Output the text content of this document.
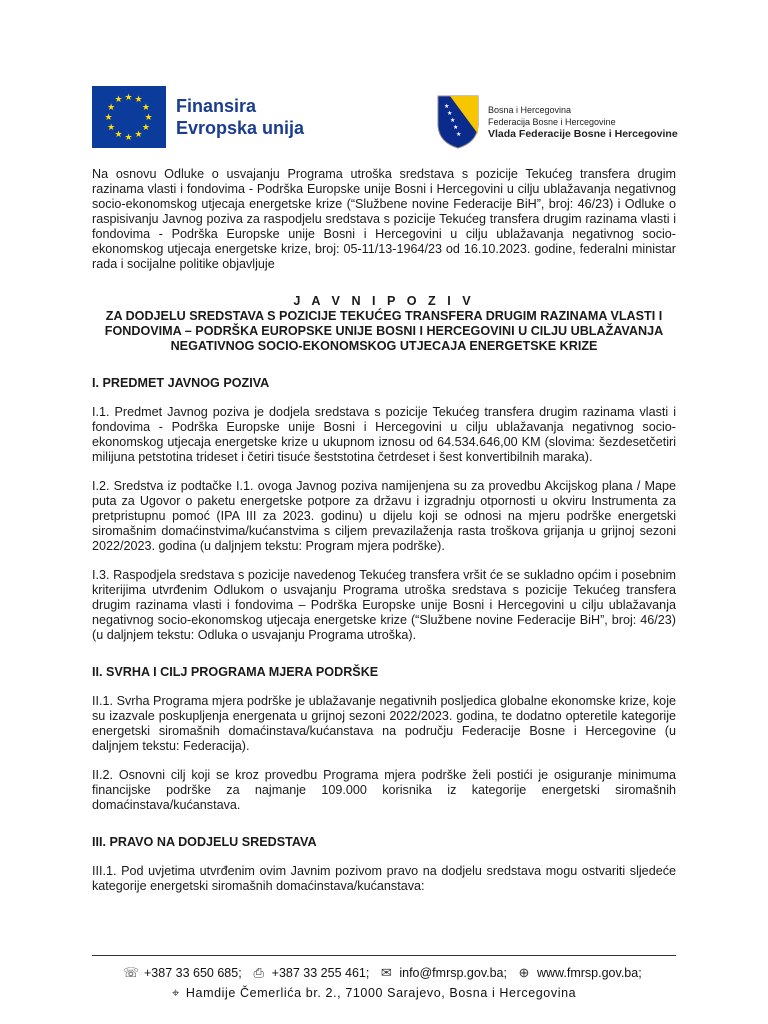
★ ★
★
★
★
★
★
★
★
★
★
★	Finansira
Evropska unija
★
★
★
★
★
Bosna i Hercegovina
Federacija Bosne i Hercegovine
Vlada Federacije Bosne i Hercegovine

Na osnovu Odluke o usvajanju Programa utroška sredstava s pozicije Tekućeg transfera drugim razinama vlasti i fondovima - Podrška Europske unije Bosni i Hercegovini u cilju ublažavanja negativnog socio-ekonomskog utjecaja energetske krize (“Službene novine Federacije BiH”, broj: 46/23) i Odluke o raspisivanju Javnog poziva za raspodjelu sredstava s pozicije Tekućeg transfera drugim razinama vlasti i fondovima - Podrška Europske unije Bosni i Hercegovini u cilju ublažavanja negativnog socio-ekonomskog utjecaja energetske krize, broj: 05-11/13-1964/23 od 16.10.2023. godine, federalni ministar rada i socijalne politike objavljuje

J A V N I P O Z I V
ZA DODJELU SREDSTAVA S POZICIJE TEKUĆEG TRANSFERA DRUGIM RAZINAMA VLASTI I FONDOVIMA – PODRŠKA EUROPSKE UNIJE BOSNI I HERCEGOVINI U CILJU UBLAŽAVANJA NEGATIVNOG SOCIO-EKONOMSKOG UTJECAJA ENERGETSKE KRIZE
I. PREDMET JAVNOG POZIVA

I.1. Predmet Javnog poziva je dodjela sredstava s pozicije Tekućeg transfera drugim razinama vlasti i fondovima - Podrška Europske unije Bosni i Hercegovini u cilju ublažavanja negativnog socio-ekonomskog utjecaja energetske krize u ukupnom iznosu od 64.534.646,00 KM (slovima: šezdesetčetiri milijuna petstotina trideset i četiri tisuće šeststotina četrdeset i šest konvertibilnih maraka).

I.2. Sredstva iz podtačke I.1. ovoga Javnog poziva namijenjena su za provedbu Akcijskog plana / Mape puta za Ugovor o paketu energetske potpore za državu i izgradnju otpornosti u okviru Instrumenta za pretpristupnu pomoć (IPA III za 2023. godinu) u dijelu koji se odnosi na mjeru podrške energetski siromašnim domaćinstvima/kućanstvima s ciljem prevazilaženja rasta troškova grijanja u grijnoj sezoni 2022/2023. godina (u daljnjem tekstu: Program mjera podrške).

I.3. Raspodjela sredstava s pozicije navedenog Tekućeg transfera vršit će se sukladno općim i posebnim kriterijima utvrđenim Odlukom o usvajanju Programa utroška sredstava s pozicije Tekućeg transfera drugim razinama vlasti i fondovima – Podrška Europske unije Bosni i Hercegovini u cilju ublažavanja negativnog socio-ekonomskog utjecaja energetske krize (“Službene novine Federacije BiH”, broj: 46/23) (u daljnjem tekstu: Odluka o usvajanju Programa utroška).

II. SVRHA I CILJ PROGRAMA MJERA PODRŠKE

II.1. Svrha Programa mjera podrške je ublažavanje negativnih posljedica globalne ekonomske krize, koje su izazvale poskupljenja energenata u grijnoj sezoni 2022/2023. godina, te dodatno opteretile kategorije energetski siromašnih domaćinstava/kućanstava na području Federacije Bosne i Hercegovine (u daljnjem tekstu: Federacija).

II.2. Osnovni cilj koji se kroz provedbu Programa mjera podrške želi postići je osiguranje minimuma financijske podrške za najmanje 109.000 korisnika iz kategorije energetski siromašnih domaćinstava/kućanstava.

III. PRAVO NA DODJELU SREDSTAVA

III.1. Pod uvjetima utvrđenim ovim Javnim pozivom pravo na dodjelu sredstava mogu ostvariti sljedeće kategorije energetski siromašnih domaćinstava/kućanstava:

☏ +387 33 650 685; ⎙ +387 33 255 461; ✉ info@fmrsp.gov.ba; ⊕ www.fmrsp.gov.ba;
⌖ Hamdije Čemerlića br. 2., 71000 Sarajevo, Bosna i Hercegovina
